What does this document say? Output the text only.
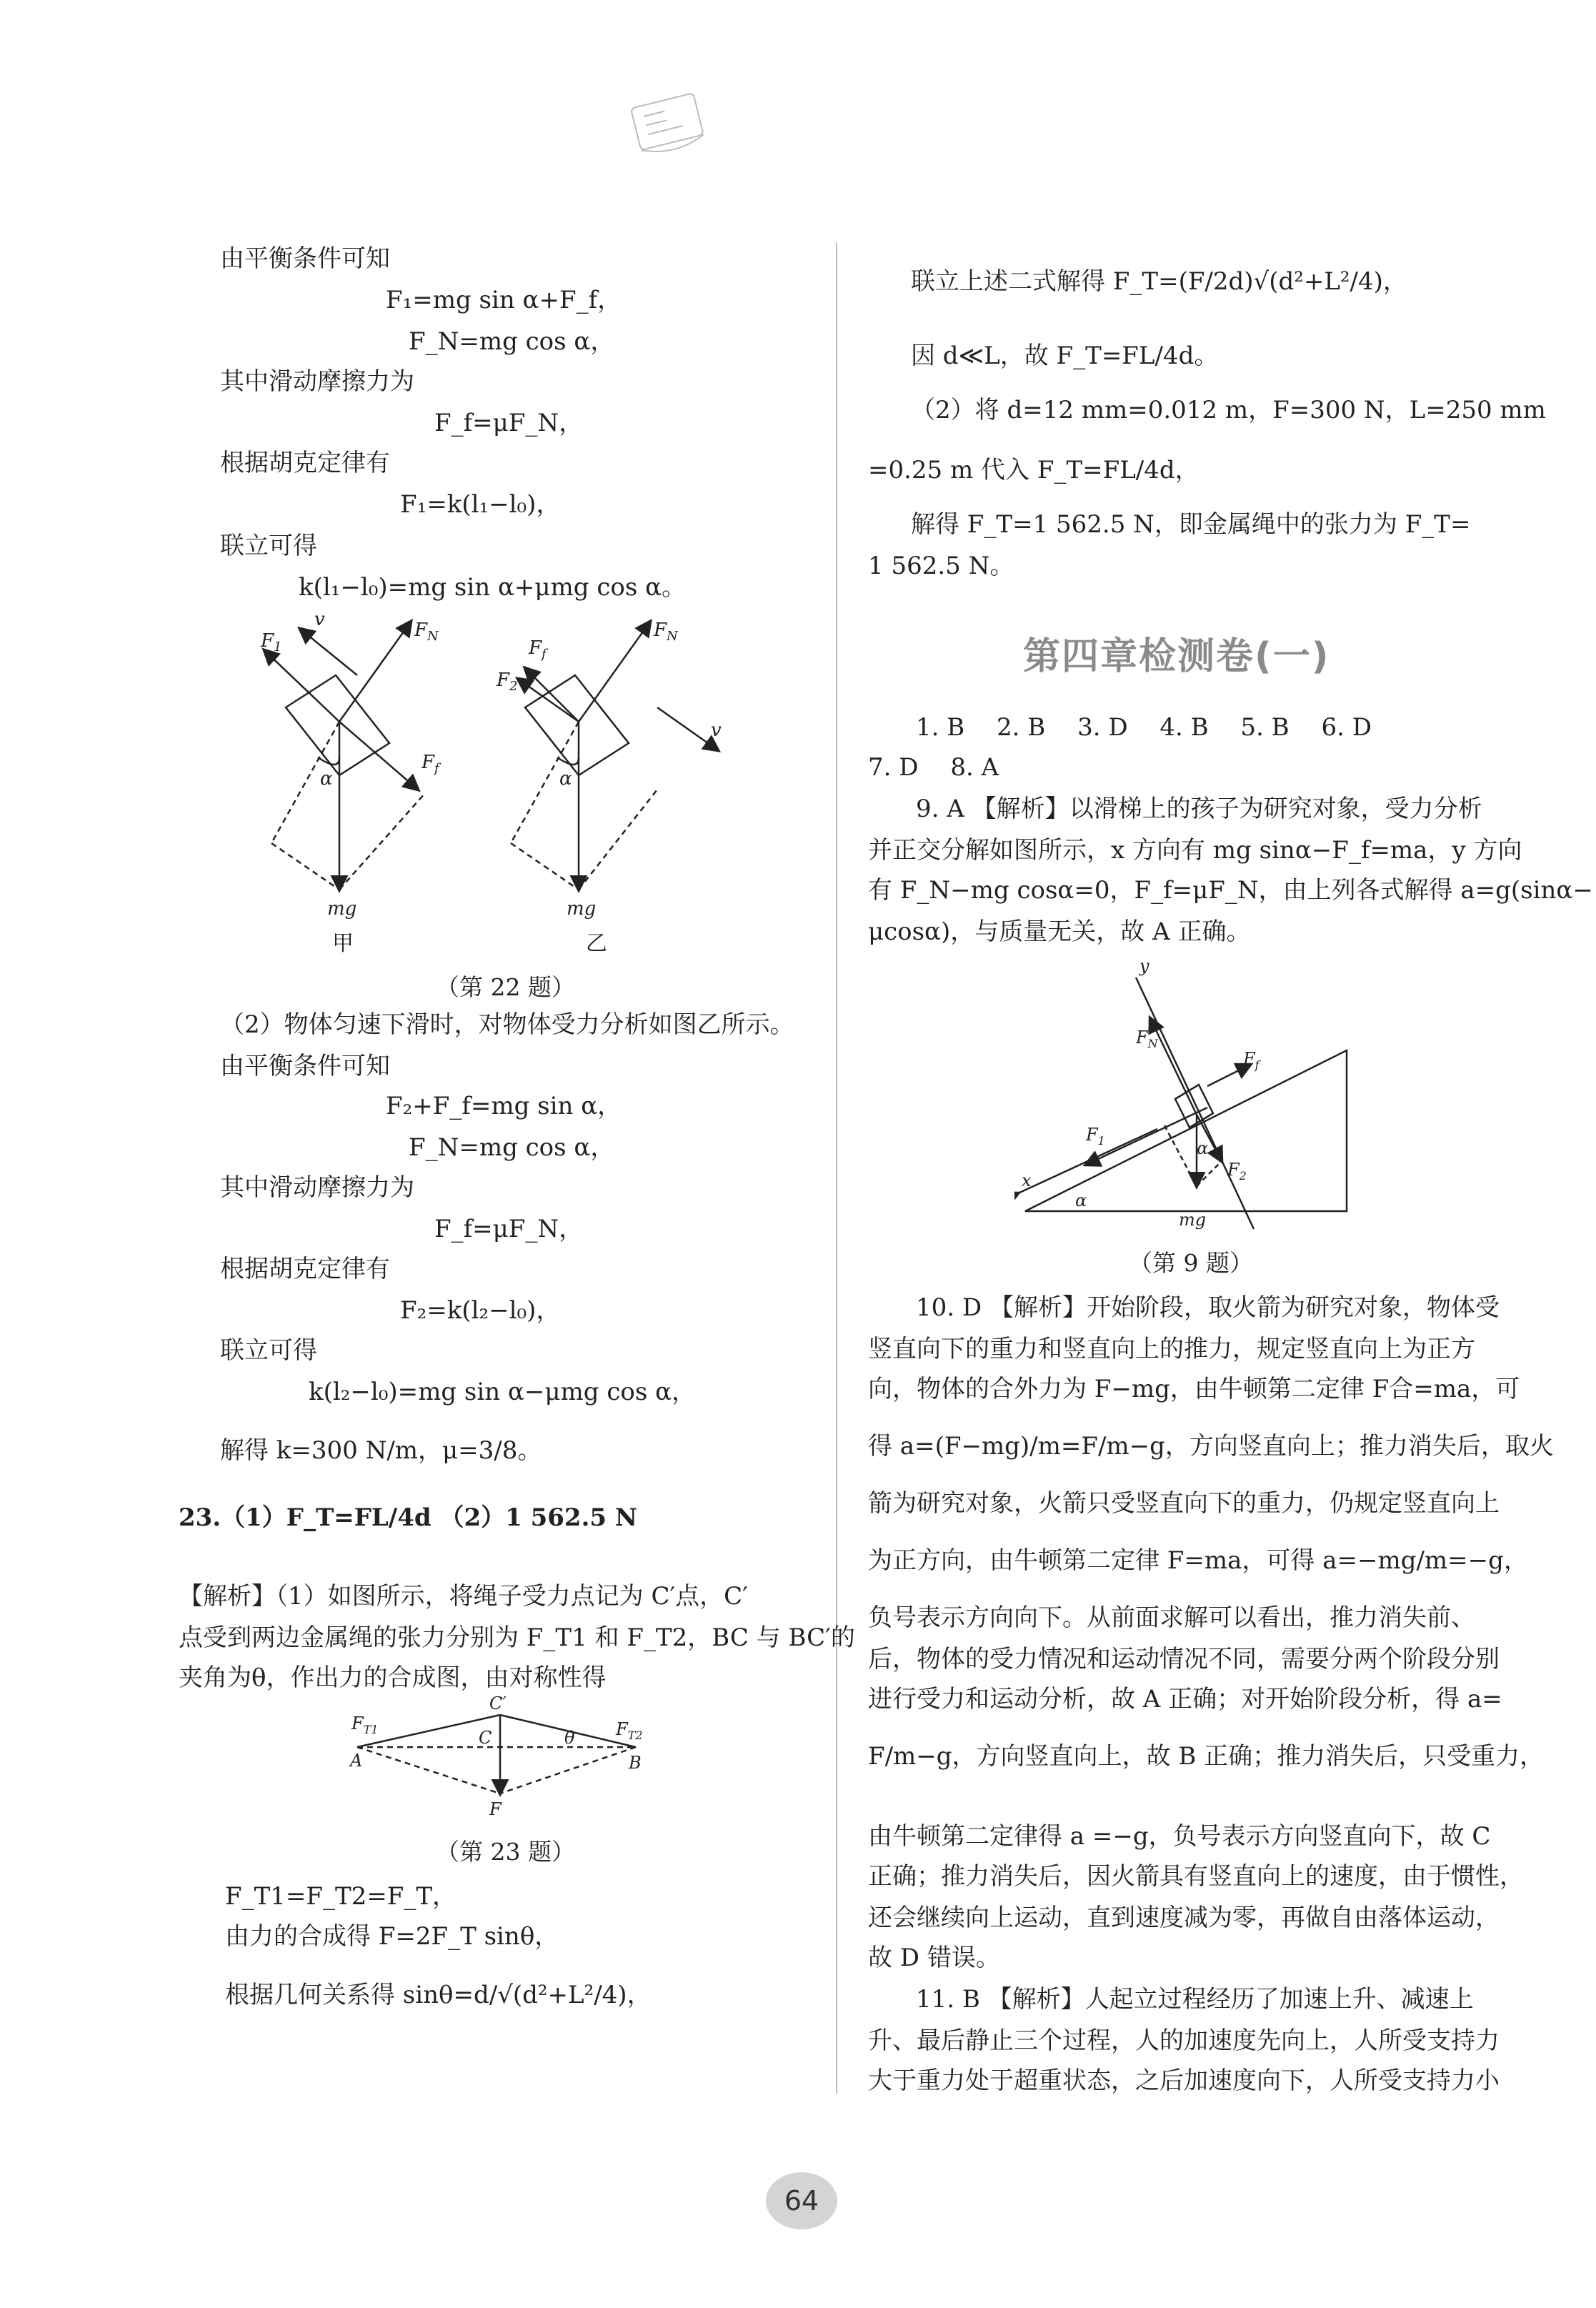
由平衡条件可知
F₁=mg sin α+F_f，
F_N=mg cos α，
其中滑动摩擦力为
F_f=μF_N，
根据胡克定律有
F₁=k(l₁−l₀)，
联立可得
k(l₁−l₀)=mg sin α+μmg cos α。
$F_N$
$F_1$
$F_f$
v
α
mg
甲
$F_N$
$F_f$
$F_2$
v
α
mg
乙
（第 22 题）
（2）物体匀速下滑时，对物体受力分析如图乙所示。
由平衡条件可知
F₂+F_f=mg sin α，
F_N=mg cos α，
其中滑动摩擦力为
F_f=μF_N，
根据胡克定律有
F₂=k(l₂−l₀)，
联立可得
k(l₂−l₀)=mg sin α−μmg cos α，
解得 k=300 N/m，μ=3/8。
23.（1）F_T=FL/4d （2）1 562.5 N
【解析】（1）如图所示，将绳子受力点记为 C′点，C′
点受到两边金属绳的张力分别为 F_T1 和 F_T2，BC 与 BC′的
夹角为θ，作出力的合成图，由对称性得
A	B
C′
C	θ
F
$F_{T1}$	$F_{T2}$
（第 23 题）
F_T1=F_T2=F_T，
由力的合成得 F=2F_T sinθ，
根据几何关系得 sinθ=d/√(d²+L²/4)，
联立上述二式解得 F_T=(F/2d)√(d²+L²/4)，
因 d≪L，故 F_T=FL/4d。
（2）将 d=12 mm=0.012 m，F=300 N，L=250 mm
=0.25 m 代入 F_T=FL/4d，
解得 F_T=1 562.5 N，即金属绳中的张力为 F_T=
1 562.5 N。
第四章检测卷(一)
1. B　 2. B　 3. D　 4. B　 5. B　 6. D
7. D　 8. A
9. A 【解析】以滑梯上的孩子为研究对象，受力分析
并正交分解如图所示，x 方向有 mg sinα−F_f=ma，y 方向
有 F_N−mg cosα=0，F_f=μF_N，由上列各式解得 a=g(sinα−
μcosα)，与质量无关，故 A 正确。
y
x
$F_N$
$F_f$
$F_1$
$F_2$
α
α
mg
（第 9 题）
10. D 【解析】开始阶段，取火箭为研究对象，物体受
竖直向下的重力和竖直向上的推力，规定竖直向上为正方
向，物体的合外力为 F−mg，由牛顿第二定律 F合=ma，可
得 a=(F−mg)/m=F/m−g，方向竖直向上；推力消失后，取火
箭为研究对象，火箭只受竖直向下的重力，仍规定竖直向上
为正方向，由牛顿第二定律 F=ma，可得 a=−mg/m=−g，
负号表示方向向下。从前面求解可以看出，推力消失前、
后，物体的受力情况和运动情况不同，需要分两个阶段分别
进行受力和运动分析，故 A 正确；对开始阶段分析，得 a=
F/m−g，方向竖直向上，故 B 正确；推力消失后，只受重力，
由牛顿第二定律得 a =−g，负号表示方向竖直向下，故 C
正确；推力消失后，因火箭具有竖直向上的速度，由于惯性，
还会继续向上运动，直到速度减为零，再做自由落体运动，
故 D 错误。
11. B 【解析】人起立过程经历了加速上升、减速上
升、最后静止三个过程，人的加速度先向上，人所受支持力
大于重力处于超重状态，之后加速度向下，人所受支持力小
64
